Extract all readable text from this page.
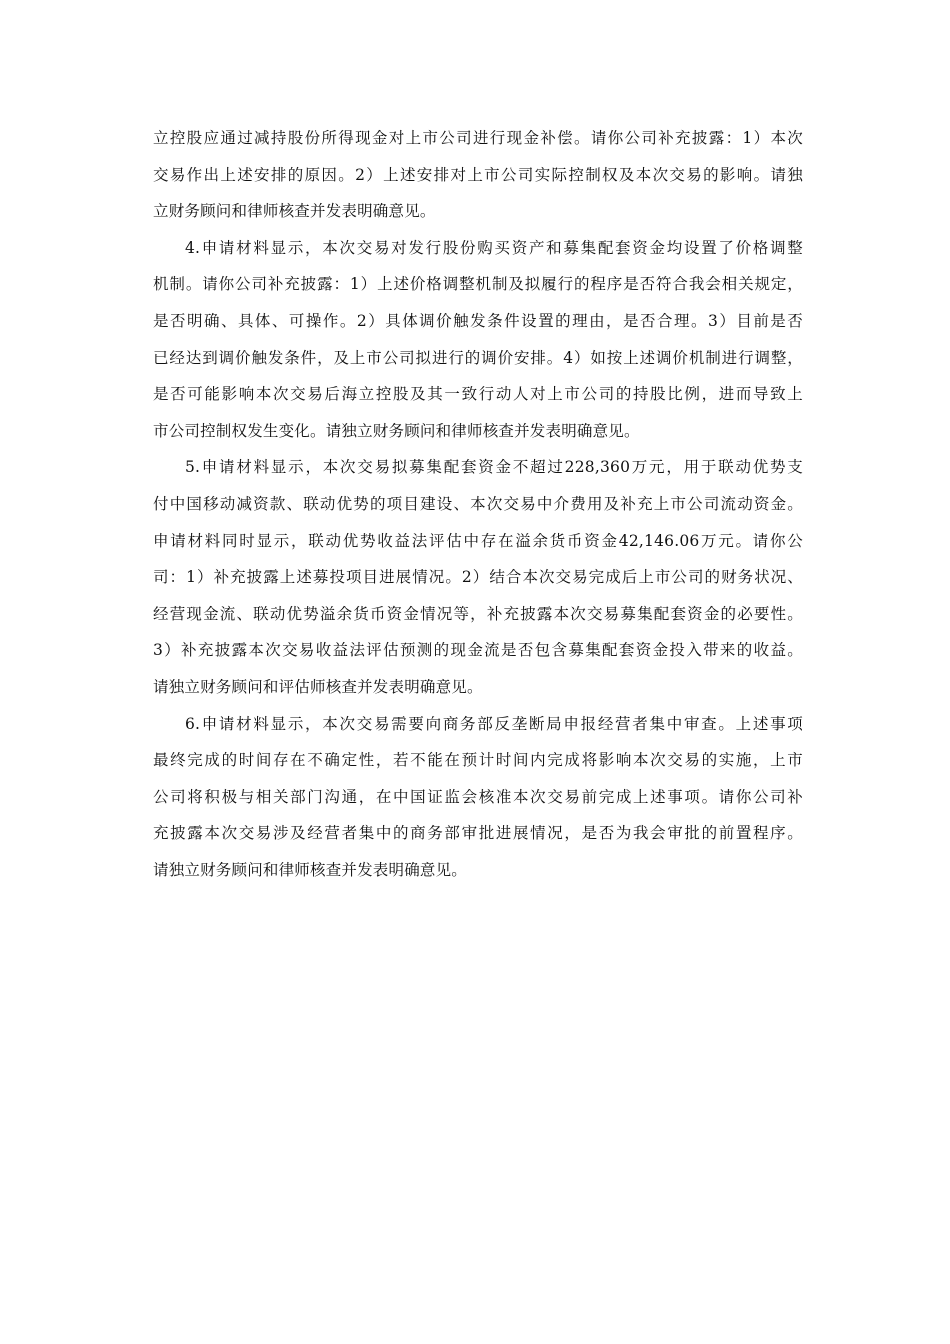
立控股应通过减持股份所得现金对上市公司进行现金补偿。请你公司补充披露：1）本次
交易作出上述安排的原因。2）上述安排对上市公司实际控制权及本次交易的影响。请独
立财务顾问和律师核查并发表明确意见。
4.申请材料显示，本次交易对发行股份购买资产和募集配套资金均设置了价格调整
机制。请你公司补充披露：1）上述价格调整机制及拟履行的程序是否符合我会相关规定，
是否明确、具体、可操作。2）具体调价触发条件设置的理由，是否合理。3）目前是否
已经达到调价触发条件，及上市公司拟进行的调价安排。4）如按上述调价机制进行调整，
是否可能影响本次交易后海立控股及其一致行动人对上市公司的持股比例，进而导致上
市公司控制权发生变化。请独立财务顾问和律师核查并发表明确意见。
5.申请材料显示，本次交易拟募集配套资金不超过228,360万元，用于联动优势支
付中国移动减资款、联动优势的项目建设、本次交易中介费用及补充上市公司流动资金。
申请材料同时显示，联动优势收益法评估中存在溢余货币资金42,146.06万元。请你公
司：1）补充披露上述募投项目进展情况。2）结合本次交易完成后上市公司的财务状况、
经营现金流、联动优势溢余货币资金情况等，补充披露本次交易募集配套资金的必要性。
3）补充披露本次交易收益法评估预测的现金流是否包含募集配套资金投入带来的收益。
请独立财务顾问和评估师核查并发表明确意见。
6.申请材料显示，本次交易需要向商务部反垄断局申报经营者集中审查。上述事项
最终完成的时间存在不确定性，若不能在预计时间内完成将影响本次交易的实施，上市
公司将积极与相关部门沟通，在中国证监会核准本次交易前完成上述事项。请你公司补
充披露本次交易涉及经营者集中的商务部审批进展情况，是否为我会审批的前置程序。
请独立财务顾问和律师核查并发表明确意见。
